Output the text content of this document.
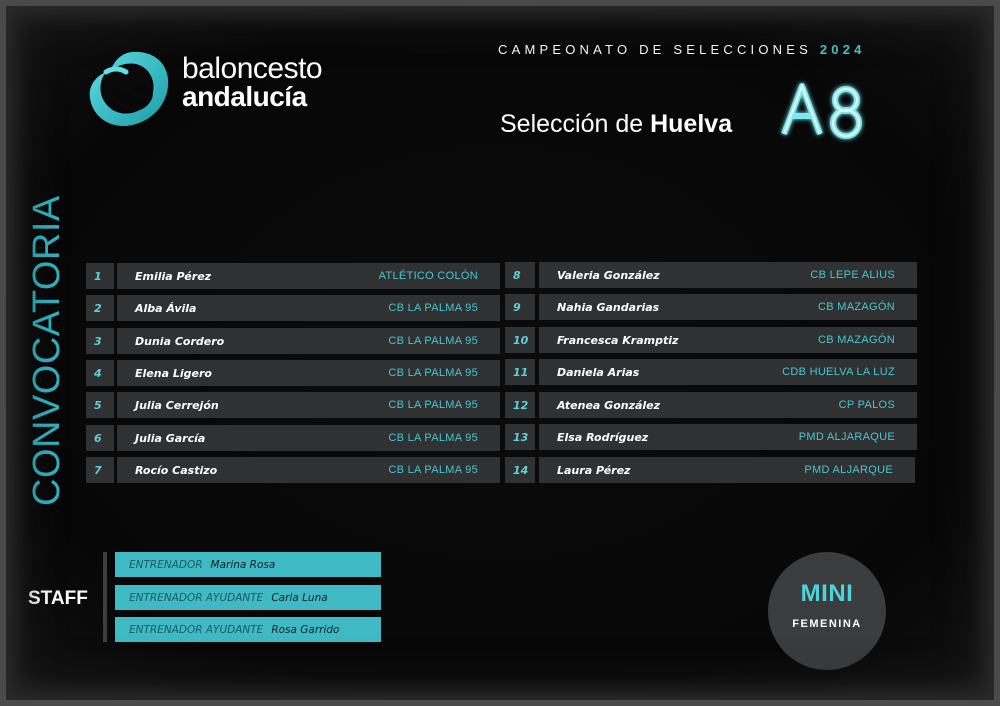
baloncesto
andalucía
CAMPEONATO DE SELECCIONES 2024
Selección de Huelva
CONVOCATORIA	1	Emilia Pérez	ATLÉTICO COLÓN
2	Alba Ávila	CB LA PALMA 95
3	Dunia Cordero	CB LA PALMA 95
4	Elena Ligero	CB LA PALMA 95
5	Julia Cerrejón	CB LA PALMA 95
6	Julia García	CB LA PALMA 95
7	Rocío Castizo	CB LA PALMA 95
8	Valeria González	CB LEPE ALIUS
9	Nahia Gandarias	CB MAZAGÓN
10	Francesca Kramptiz	CB MAZAGÓN
11	Daniela Arias	CDB HUELVA LA LUZ
12	Atenea González	CP PALOS
13	Elsa Rodríguez	PMD ALJARAQUE
14	Laura Pérez	PMD ALJARQUE
STAFF
ENTRENADOR Marina Rosa
ENTRENADOR AYUDANTE Carla Luna
ENTRENADOR AYUDANTE Rosa Garrido
MINI
FEMENINA
